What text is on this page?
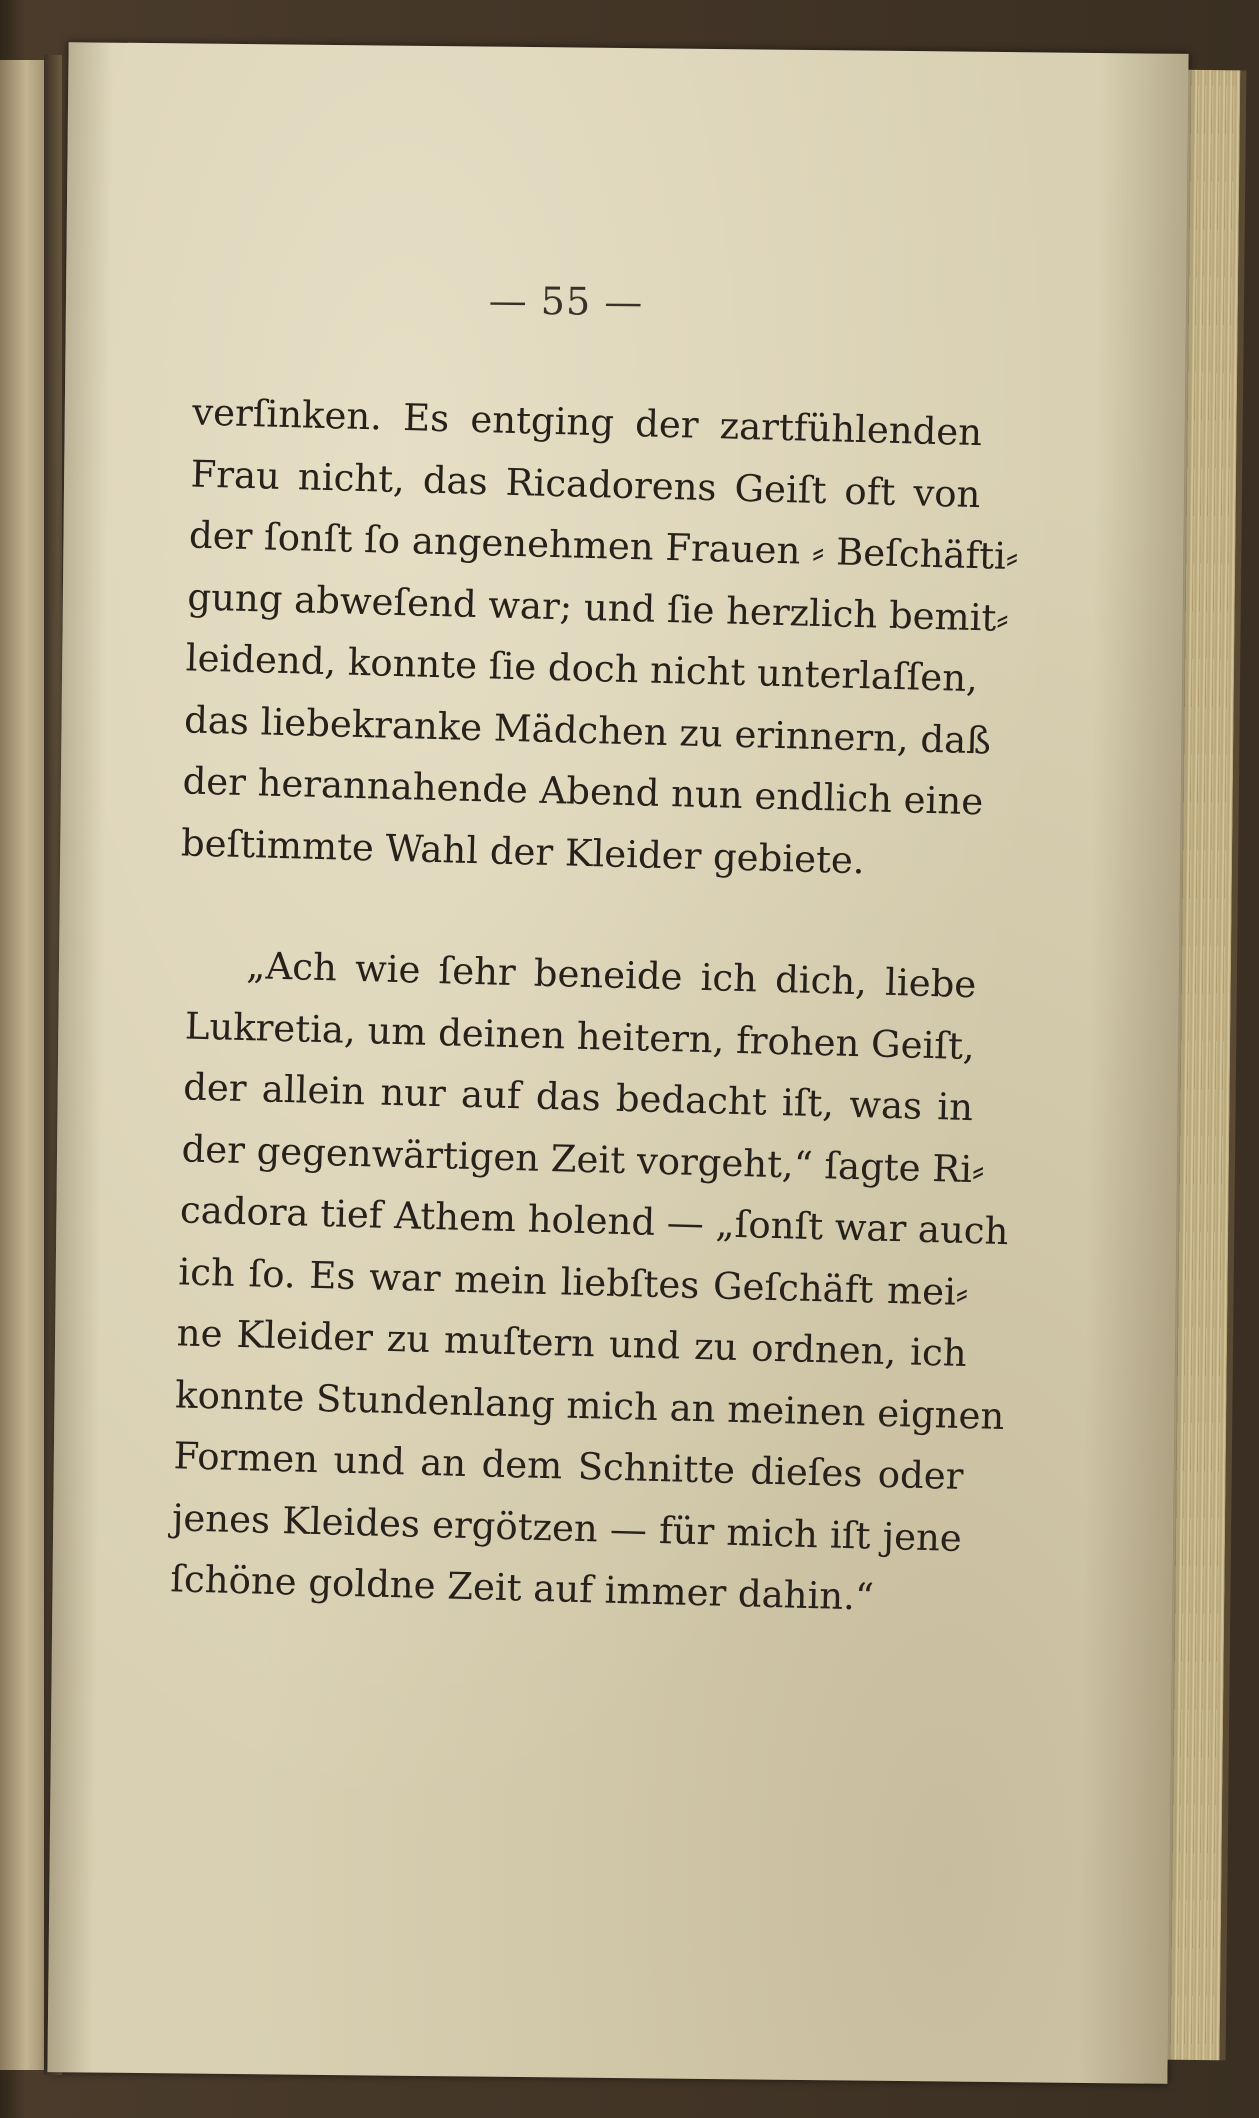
— 55 —
verſinken. Es entging der zartfühlenden
Frau nicht, das Ricadorens Geiſt oft von
der ſonſt ſo angenehmen Frauen ⸗ Beſchäfti⸗
gung abweſend war; und ſie herzlich bemit⸗
leidend, konnte ſie doch nicht unterlaſſen,
das liebekranke Mädchen zu erinnern, daß
der herannahende Abend nun endlich eine
beſtimmte Wahl der Kleider gebiete.
„Ach wie ſehr beneide ich dich, liebe
Lukretia, um deinen heitern, frohen Geiſt,
der allein nur auf das bedacht iſt, was in
der gegenwärtigen Zeit vorgeht,“ ſagte Ri⸗
cadora tief Athem holend — „ſonſt war auch
ich ſo. Es war mein liebſtes Geſchäft mei⸗
ne Kleider zu muſtern und zu ordnen, ich
konnte Stundenlang mich an meinen eignen
Formen und an dem Schnitte dieſes oder
jenes Kleides ergötzen — für mich iſt jene
ſchöne goldne Zeit auf immer dahin.“
